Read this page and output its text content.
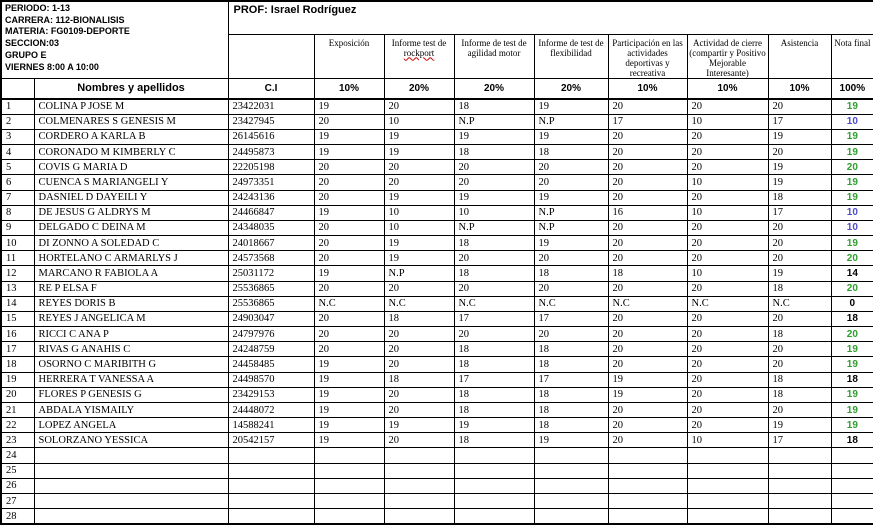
PERIODO: 1-13
CARRERA: 112-BIONALISIS
MATERIA: FG0109-DEPORTE
SECCION:03
GRUPO E
VIERNES 8:00 A 10:00
	PROF: Israel Rodríguez
			Exposición	Informe test de rockport	Informe de test de agilidad motor	Informe de test de flexibilidad	Participación en las actividades deportivas y recreativa	Actividad de cierre (compartir y Positivo Mejorable Interesante)	Asistencia	Nota final
	Nombres y apellidos	C.I	10%	20%	20%	20%	10%	10%	10%	100%
1	COLINA P JOSE M	23422031	19	20	18	19	20	20	20	19
2	COLMENARES S GENESIS M	23427945	20	10	N.P	N.P	17	10	17	10
3	CORDERO A KARLA B	26145616	19	19	19	19	20	20	19	19
4	CORONADO M KIMBERLY C	24495873	19	19	18	18	20	20	20	19
5	COVIS G MARIA D	22205198	20	20	20	20	20	20	19	20
6	CUENCA S MARIANGELI Y	24973351	20	20	20	20	20	10	19	19
7	DASNIEL D DAYEILI Y	24243136	20	19	19	19	20	20	18	19
8	DE JESUS G ALDRYS M	24466847	19	10	10	N.P	16	10	17	10
9	DELGADO C DEINA M	24348035	20	10	N.P	N.P	20	20	20	10
10	DI ZONNO A SOLEDAD C	24018667	20	19	18	19	20	20	20	19
11	HORTELANO C ARMARLYS J	24573568	20	19	20	20	20	20	20	20
12	MARCANO R FABIOLA A	25031172	19	N.P	18	18	18	10	19	14
13	RE P ELSA F	25536865	20	20	20	20	20	20	18	20
14	REYES DORIS B	25536865	N.C	N.C	N.C	N.C	N.C	N.C	N.C	0
15	REYES J ANGELICA M	24903047	20	18	17	17	20	20	20	18
16	RICCI C ANA P	24797976	20	20	20	20	20	20	18	20
17	RIVAS G ANAHIS C	24248759	20	20	18	18	20	20	20	19
18	OSORNO C MARIBITH G	24458485	19	20	18	18	20	20	20	19
19	HERRERA T VANESSA A	24498570	19	18	17	17	19	20	18	18
20	FLORES P GENESIS G	23429153	19	20	18	18	19	20	18	19
21	ABDALA YISMAILY	24448072	19	20	18	18	20	20	20	19
22	LOPEZ ANGELA	14588241	19	19	19	18	20	20	19	19
23	SOLORZANO YESSICA	20542157	19	20	18	19	20	10	17	18
24										
25										
26										
27										
28										
